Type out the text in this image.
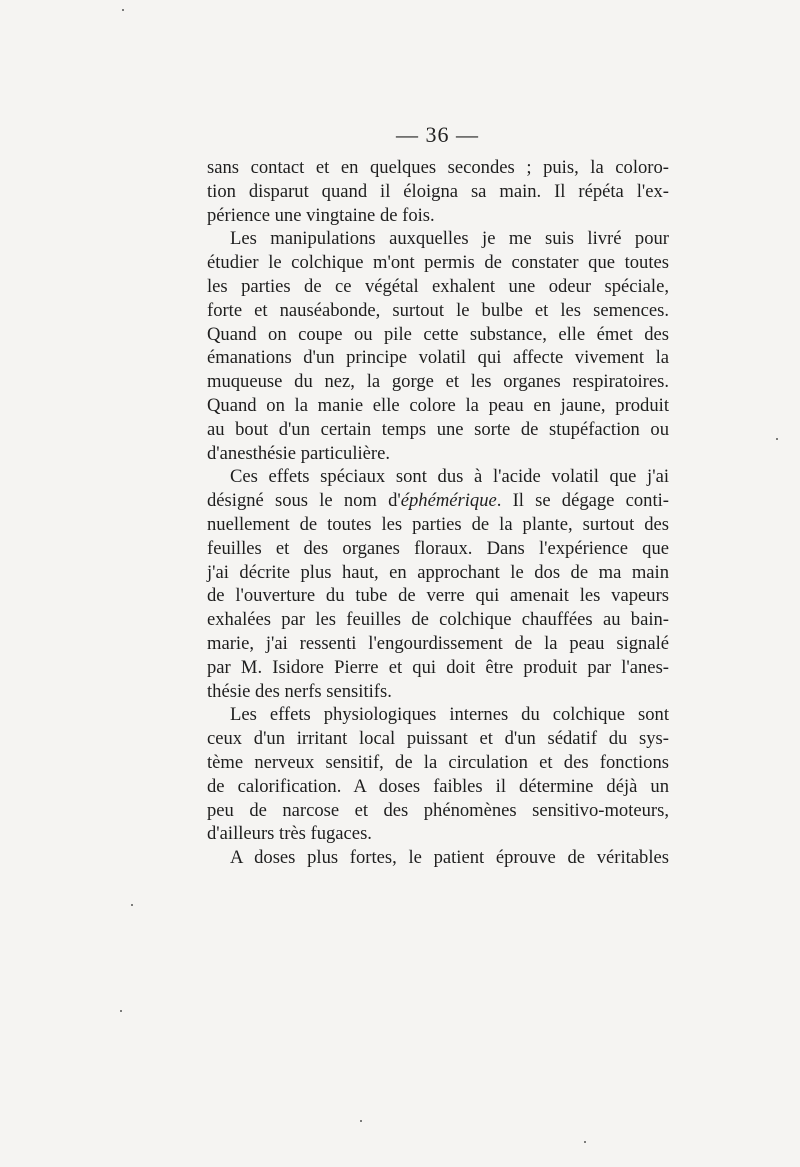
— 36 —
sans contact et en quelques secondes ; puis, la coloro-
tion disparut quand il éloigna sa main. Il répéta l'ex-
périence une vingtaine de fois.
Les manipulations auxquelles je me suis livré pour
étudier le colchique m'ont permis de constater que toutes
les parties de ce végétal exhalent une odeur spéciale,
forte et nauséabonde, surtout le bulbe et les semences.
Quand on coupe ou pile cette substance, elle émet des
émanations d'un principe volatil qui affecte vivement la
muqueuse du nez, la gorge et les organes respiratoires.
Quand on la manie elle colore la peau en jaune, produit
au bout d'un certain temps une sorte de stupéfaction ou
d'anesthésie particulière.
Ces effets spéciaux sont dus à l'acide volatil que j'ai
désigné sous le nom d'éphémérique. Il se dégage conti-
nuellement de toutes les parties de la plante, surtout des
feuilles et des organes floraux. Dans l'expérience que
j'ai décrite plus haut, en approchant le dos de ma main
de l'ouverture du tube de verre qui amenait les vapeurs
exhalées par les feuilles de colchique chauffées au bain-
marie, j'ai ressenti l'engourdissement de la peau signalé
par M. Isidore Pierre et qui doit être produit par l'anes-
thésie des nerfs sensitifs.
Les effets physiologiques internes du colchique sont
ceux d'un irritant local puissant et d'un sédatif du sys-
tème nerveux sensitif, de la circulation et des fonctions
de calorification. A doses faibles il détermine déjà un
peu de narcose et des phénomènes sensitivo-moteurs,
d'ailleurs très fugaces.
A doses plus fortes, le patient éprouve de véritables
